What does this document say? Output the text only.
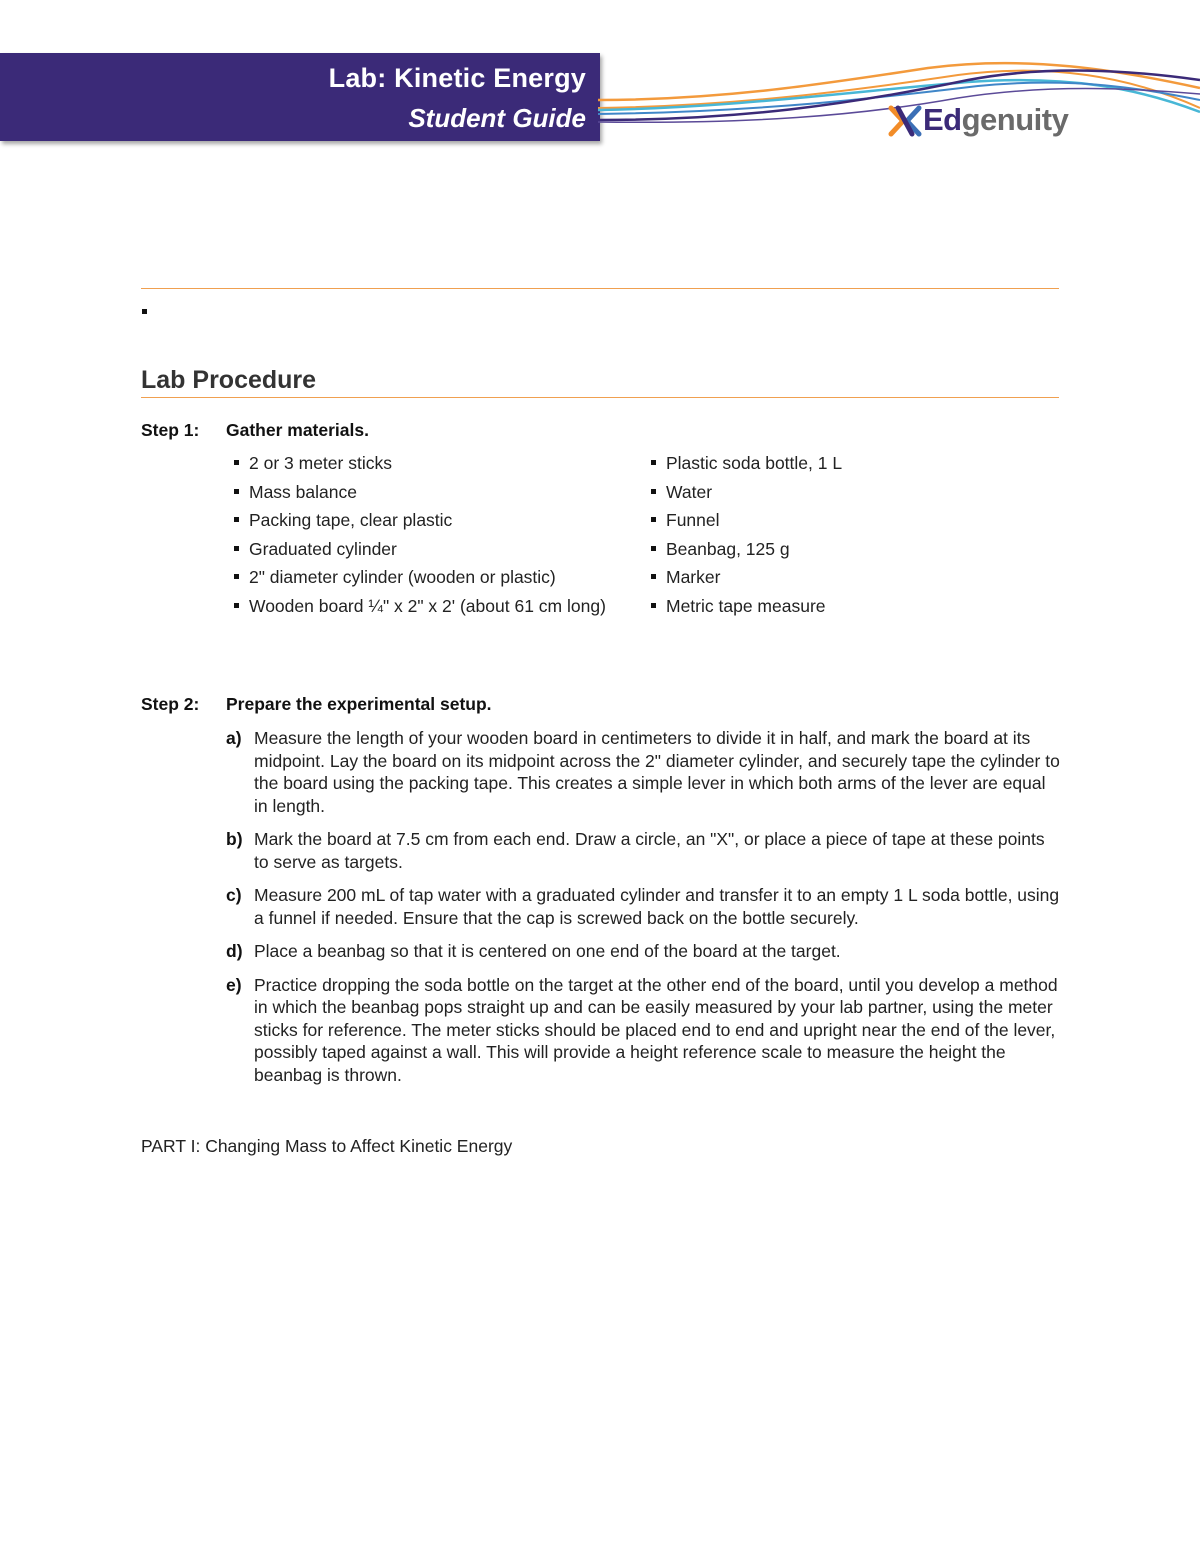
Lab: Kinetic Energy
Student Guide	Edgenuity
Lab Procedure
Step 1: Gather materials.
2 or 3 meter sticks
Mass balance
Packing tape, clear plastic
Graduated cylinder
2" diameter cylinder (wooden or plastic)
Wooden board ¼" x 2" x 2' (about 61 cm long)
Plastic soda bottle, 1 L
Water
Funnel
Beanbag, 125 g
Marker
Metric tape measure
Step 2: Prepare the experimental setup.
a) Measure the length of your wooden board in centimeters to divide it in half, and mark the board at its midpoint. Lay the board on its midpoint across the 2" diameter cylinder, and securely tape the cylinder to the board using the packing tape. This creates a simple lever in which both arms of the lever are equal in length.
b) Mark the board at 7.5 cm from each end. Draw a circle, an "X", or place a piece of tape at these points to serve as targets.
c) Measure 200 mL of tap water with a graduated cylinder and transfer it to an empty 1 L soda bottle, using a funnel if needed. Ensure that the cap is screwed back on the bottle securely.
d) Place a beanbag so that it is centered on one end of the board at the target.
e) Practice dropping the soda bottle on the target at the other end of the board, until you develop a method in which the beanbag pops straight up and can be easily measured by your lab partner, using the meter sticks for reference. The meter sticks should be placed end to end and upright near the end of the lever, possibly taped against a wall. This will provide a height reference scale to measure the height the beanbag is thrown.
PART I: Changing Mass to Affect Kinetic Energy
